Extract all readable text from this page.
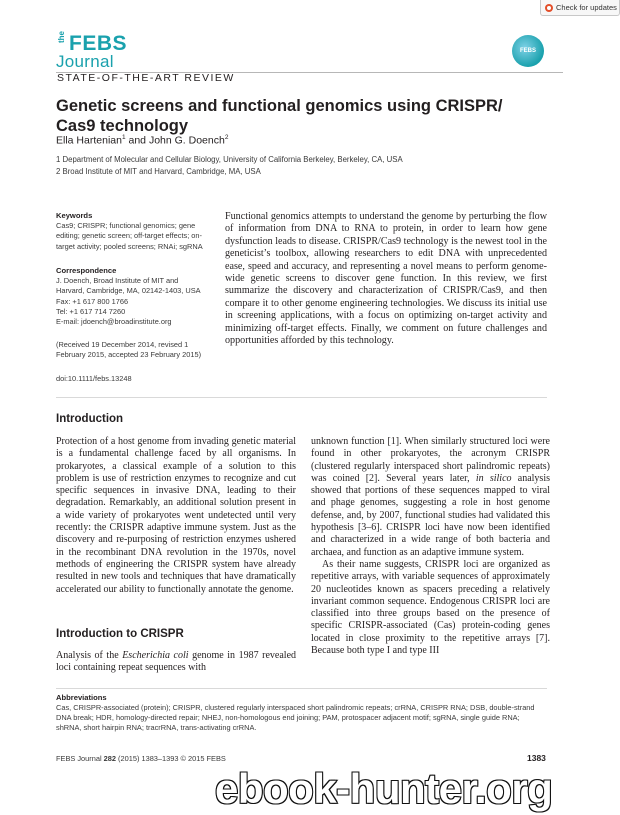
Check for updates
the FEBS
Journal
FEBS
STATE-OF-THE-ART REVIEW
Genetic screens and functional genomics using CRISPR/ Cas9 technology
Ella Hartenian$^1$ and John G. Doench$^2$
1 Department of Molecular and Cellular Biology, University of California Berkeley, Berkeley, CA, USA
2 Broad Institute of MIT and Harvard, Cambridge, MA, USA
Keywords
Cas9; CRISPR; functional genomics; gene editing; genetic screen; off-target effects; on-target activity; pooled screens; RNAi; sgRNA
Correspondence
J. Doench, Broad Institute of MIT and
Harvard, Cambridge, MA, 02142-1403, USA
Fax: +1 617 800 1766
Tel: +1 617 714 7260
E-mail: jdoench@broadinstitute.org
(Received 19 December 2014, revised 1 February 2015, accepted 23 February 2015)
doi:10.1111/febs.13248
Functional genomics attempts to understand the genome by perturbing the flow of information from DNA to RNA to protein, in order to learn how gene dysfunction leads to disease. CRISPR/Cas9 technology is the newest tool in the geneticist’s toolbox, allowing researchers to edit DNA with unprecedented ease, speed and accuracy, and representing a novel means to perform genome-wide genetic screens to discover gene function. In this review, we first summarize the discovery and characterization of CRISPR/Cas9, and then compare it to other genome engineering technologies. We discuss its initial use in screening applications, with a focus on optimizing on-target activity and minimizing off-target effects. Finally, we comment on future challenges and opportunities afforded by this technology.
Introduction
Protection of a host genome from invading genetic material is a fundamental challenge faced by all organisms. In prokaryotes, a classical example of a solution to this problem is use of restriction enzymes to recognize and cut specific sequences in invasive DNA, leading to their degradation. Remarkably, an additional solution present in a wide variety of prokaryotes went undetected until very recently: the CRISPR adaptive immune system. Just as the discovery and re-purposing of restriction enzymes ushered in the recombinant DNA revolution in the 1970s, novel methods of engineering the CRISPR system have already resulted in new tools and techniques that have dramatically accelerated our ability to functionally annotate the genome.
Introduction to CRISPR
Analysis of the Escherichia coli genome in 1987 revealed loci containing repeat sequences with

unknown function [1]. When similarly structured loci were found in other prokaryotes, the acronym CRISPR (clustered regularly interspaced short palindromic repeats) was coined [2]. Several years later, in silico analysis showed that portions of these sequences mapped to viral and phage genomes, suggesting a role in host genome defense, and, by 2007, functional studies had validated this hypothesis [3–6]. CRISPR loci have now been identified and characterized in a wide range of both bacteria and archaea, and function as an adaptive immune system.

As their name suggests, CRISPR loci are organized as repetitive arrays, with variable sequences of approximately 20 nucleotides known as spacers preceding a relatively invariant common sequence. Endogenous CRISPR loci are classified into three groups based on the presence of specific CRISPR-associated (Cas) protein-coding genes located in close proximity to the repetitive arrays [7]. Because both type I and type III

Abbreviations
Cas, CRISPR-associated (protein); CRISPR, clustered regularly interspaced short palindromic repeats; crRNA, CRISPR RNA; DSB, double-strand DNA break; HDR, homology-directed repair; NHEJ, non-homologous end joining; PAM, protospacer adjacent motif; sgRNA, single guide RNA; shRNA, short hairpin RNA; tracrRNA, trans-activating crRNA.
FEBS Journal 282 (2015) 1383–1393 © 2015 FEBS	1383
ebook-hunter.org
